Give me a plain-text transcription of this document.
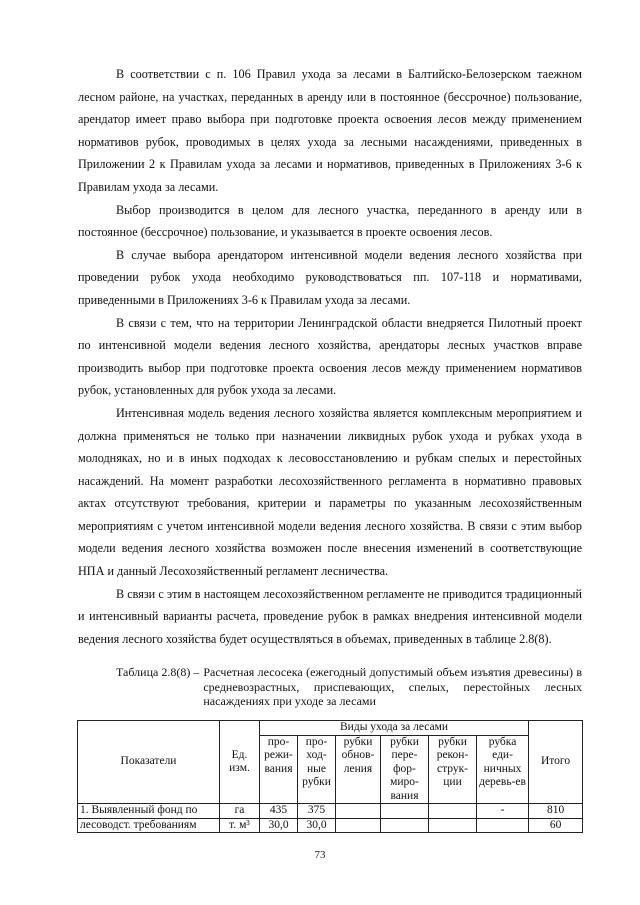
В соответствии с п. 106 Правил ухода за лесами в Балтийско-Белозерском таежном лесном районе, на участках, переданных в аренду или в постоянное (бессрочное) пользование, арендатор имеет право выбора при подготовке проекта освоения лесов между применением нормативов рубок, проводимых в целях ухода за лесными насаждениями, приведенных в Приложении 2 к Правилам ухода за лесами и нормативов, приведенных в Приложениях 3-6 к Правилам ухода за лесами.

Выбор производится в целом для лесного участка, переданного в аренду или в постоянное (бессрочное) пользование, и указывается в проекте освоения лесов.

В случае выбора арендатором интенсивной модели ведения лесного хозяйства при проведении рубок ухода необходимо руководствоваться пп. 107-118 и нормативами, приведенными в Приложениях 3-6 к Правилам ухода за лесами.

В связи с тем, что на территории Ленинградской области внедряется Пилотный проект по интенсивной модели ведения лесного хозяйства, арендаторы лесных участков вправе производить выбор при подготовке проекта освоения лесов между применением нормативов рубок, установленных для рубок ухода за лесами.

Интенсивная модель ведения лесного хозяйства является комплексным мероприятием и должна применяться не только при назначении ликвидных рубок ухода и рубках ухода в молодняках, но и в иных подходах к лесовосстановлению и рубкам спелых и перестойных насаждений. На момент разработки лесохозяйственного регламента в нормативно правовых актах отсутствуют требования, критерии и параметры по указанным лесохозяйственным мероприятиям с учетом интенсивной модели ведения лесного хозяйства. В связи с этим выбор модели ведения лесного хозяйства возможен после внесения изменений в соответствующие НПА и данный Лесохозяйственный регламент лесничества.

В связи с этим в настоящем лесохозяйственном регламенте не приводится традиционный и интенсивный варианты расчета, проведение рубок в рамках внедрения интенсивной модели ведения лесного хозяйства будет осуществляться в объемах, приведенных в таблице 2.8(8).

Таблица 2.8(8) – Расчетная лесосека (ежегодный допустимый объем изъятия древесины) в средневозрастных, приспевающих, спелых, перестойных лесных насаждениях при уходе за лесами
Показатели	Ед. изм.	Виды ухода за лесами						Итого
		про-режи-вания	про-ход-ные рубки	рубки обнов-ления	рубки пере-фор-миро-вания	рубки рекон-струк-ции	рубка еди-ничных деревь-ев	
1. Выявленный фонд по	га	435	375				-	810
лесоводст. требованиям	т. м³	30,0	30,0					60
73
